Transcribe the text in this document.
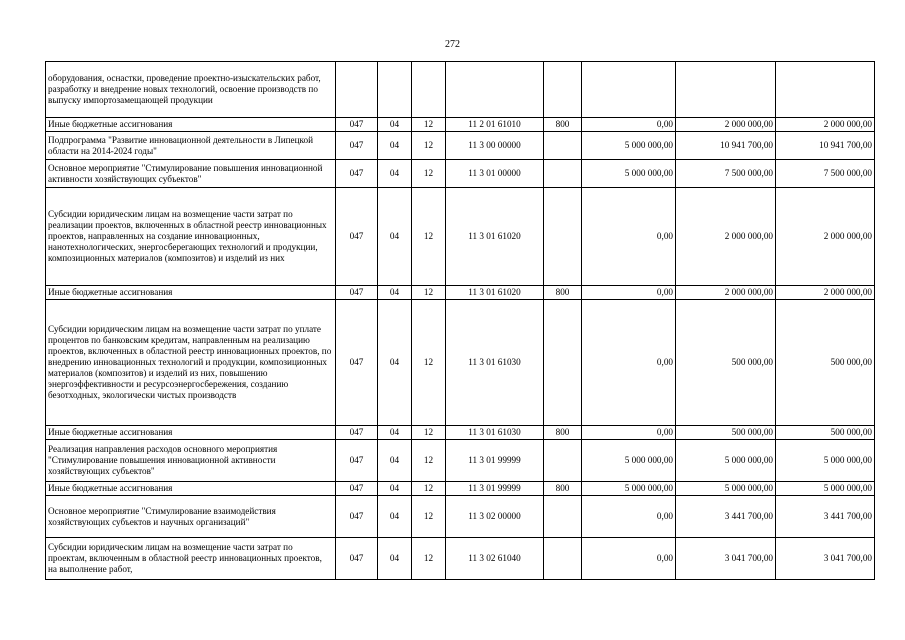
272
оборудования, оснастки, проведение проектно-изыскательских работ, разработку и внедрение новых технологий, освоение производств по выпуску импортозамещающей продукции								
Иные бюджетные ассигнования	047	04	12	11 2 01 61010	800	0,00	2 000 000,00	2 000 000,00
Подпрограмма "Развитие инновационной деятельности в Липецкой области на 2014-2024 годы"	047	04	12	11 3 00 00000		5 000 000,00	10 941 700,00	10 941 700,00
Основное мероприятие "Стимулирование повышения инновационной активности хозяйствующих субъектов"	047	04	12	11 3 01 00000		5 000 000,00	7 500 000,00	7 500 000,00
Субсидии юридическим лицам на возмещение части затрат по реализации проектов, включенных в областной реестр инновационных проектов, направленных на создание инновационных, нанотехнологических, энергосберегающих технологий и продукции, композиционных материалов (композитов) и изделий из них	047	04	12	11 3 01 61020		0,00	2 000 000,00	2 000 000,00
Иные бюджетные ассигнования	047	04	12	11 3 01 61020	800	0,00	2 000 000,00	2 000 000,00
Субсидии юридическим лицам на возмещение части затрат по уплате процентов по банковским кредитам, направленным на реализацию проектов, включенных в областной реестр инновационных проектов, по внедрению инновационных технологий и продукции, композиционных материалов (композитов) и изделий из них, повышению энергоэффективности и ресурсоэнергосбережения, созданию безотходных, экологически чистых производств	047	04	12	11 3 01 61030		0,00	500 000,00	500 000,00
Иные бюджетные ассигнования	047	04	12	11 3 01 61030	800	0,00	500 000,00	500 000,00
Реализация направления расходов основного мероприятия "Стимулирование повышения инновационной активности хозяйствующих субъектов"	047	04	12	11 3 01 99999		5 000 000,00	5 000 000,00	5 000 000,00
Иные бюджетные ассигнования	047	04	12	11 3 01 99999	800	5 000 000,00	5 000 000,00	5 000 000,00
Основное мероприятие "Стимулирование взаимодействия хозяйствующих субъектов и научных организаций"	047	04	12	11 3 02 00000		0,00	3 441 700,00	3 441 700,00
Субсидии юридическим лицам на возмещение части затрат по проектам, включенным в областной реестр инновационных проектов, на выполнение работ,	047	04	12	11 3 02 61040		0,00	3 041 700,00	3 041 700,00
